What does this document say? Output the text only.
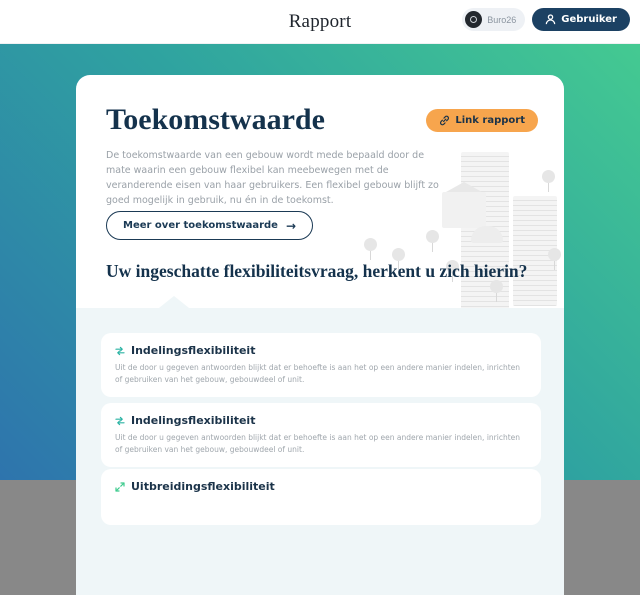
Rapport	Buro26	Gebruiker
Link rapport
Toekomstwaarde

De toekomstwaarde van een gebouw wordt mede bepaald door de mate waarin een gebouw flexibel kan meebewegen met de veranderende eisen van haar gebruikers. Een flexibel gebouw blijft zo goed mogelijk in gebruik, nu én in de toekomst.

Meer over toekomstwaarde →
Uw ingeschatte flexibiliteitsvraag, herkent u zich hierin?
Indelingsflexibiliteit

Uit de door u gegeven antwoorden blijkt dat er behoefte is aan het op een andere manier indelen, inrichten of gebruiken van het gebouw, gebouwdeel of unit.

Indelingsflexibiliteit

Uit de door u gegeven antwoorden blijkt dat er behoefte is aan het op een andere manier indelen, inrichten of gebruiken van het gebouw, gebouwdeel of unit.

Uitbreidingsflexibiliteit
